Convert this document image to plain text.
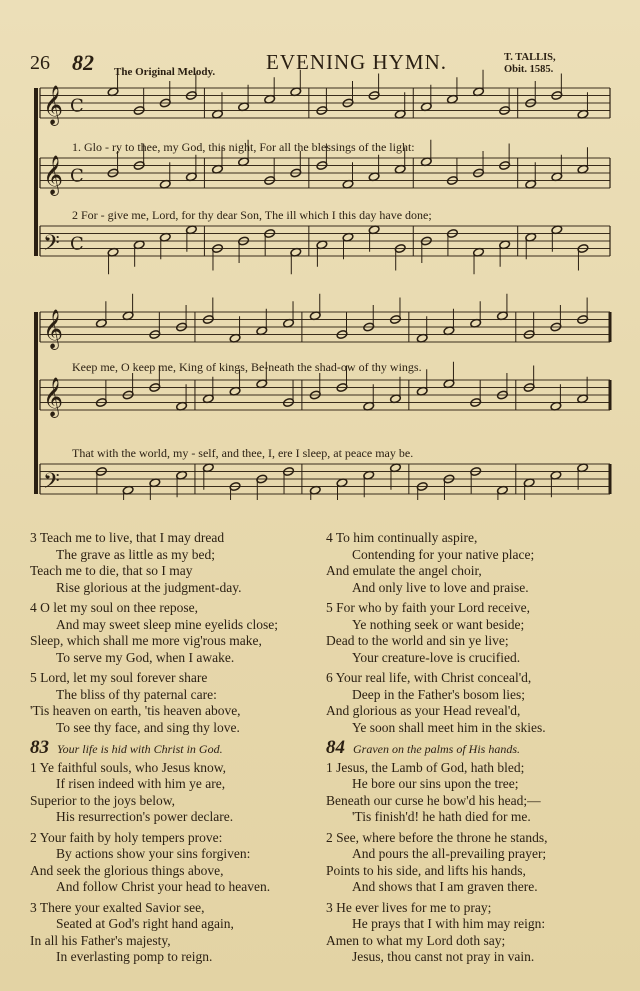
26 82 The Original Melody. EVENING HYMN.	T. TALLIS,
Obit. 1585.
𝄞 C
𝄞 C
𝄢 C
𝄞
𝄞
𝄢
1. Glo - ry to thee, my God, this night, For all the blessings of the light:
2 For - give me, Lord, for thy dear Son, The ill which I this day have done;
Keep me, O keep me, King of kings, Be-neath the shad-ow of thy wings.
That with the world, my - self, and thee, I, ere I sleep, at peace may be.
3 Teach me to live, that I may dread
The grave as little as my bed;
Teach me to die, that so I may
Rise glorious at the judgment-day.
4 O let my soul on thee repose,
And may sweet sleep mine eyelids close;
Sleep, which shall me more vig'rous make,
To serve my God, when I awake.
5 Lord, let my soul forever share
The bliss of thy paternal care:
'Tis heaven on earth, 'tis heaven above,
To see thy face, and sing thy love.
83 Your life is hid with Christ in God.
1 Ye faithful souls, who Jesus know,
If risen indeed with him ye are,
Superior to the joys below,
His resurrection's power declare.
2 Your faith by holy tempers prove:
By actions show your sins forgiven:
And seek the glorious things above,
And follow Christ your head to heaven.
3 There your exalted Savior see,
Seated at God's right hand again,
In all his Father's majesty,
In everlasting pomp to reign.
4 To him continually aspire,
Contending for your native place;
And emulate the angel choir,
And only live to love and praise.
5 For who by faith your Lord receive,
Ye nothing seek or want beside;
Dead to the world and sin ye live;
Your creature-love is crucified.
6 Your real life, with Christ conceal'd,
Deep in the Father's bosom lies;
And glorious as your Head reveal'd,
Ye soon shall meet him in the skies.
84 Graven on the palms of His hands.
1 Jesus, the Lamb of God, hath bled;
He bore our sins upon the tree;
Beneath our curse he bow'd his head;—
'Tis finish'd! he hath died for me.
2 See, where before the throne he stands,
And pours the all-prevailing prayer;
Points to his side, and lifts his hands,
And shows that I am graven there.
3 He ever lives for me to pray;
He prays that I with him may reign:
Amen to what my Lord doth say;
Jesus, thou canst not pray in vain.
